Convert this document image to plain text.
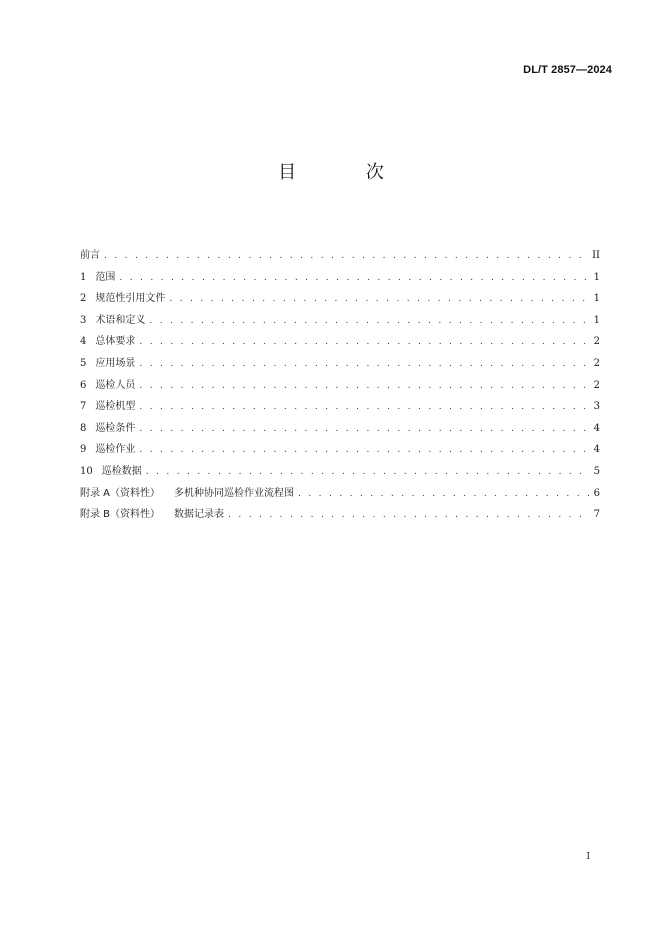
DL/T 2857—2024
目 次
前言 . . .	II
1 范围 . . .	1
2 规范性引用文件 . . .	1
3 术语和定义 . . .	1
4 总体要求 . . .	2
5 应用场景 . . .	2
6 巡检人员 . . .	2
7 巡检机型 . . .	3
8 巡检条件 . . .	4
9 巡检作业 . . .	4
10 巡检数据 . . .	5
附录 A（资料性） 多机种协同巡检作业流程图 . . .	6
附录 B（资料性） 数据记录表 . . .	7
I
